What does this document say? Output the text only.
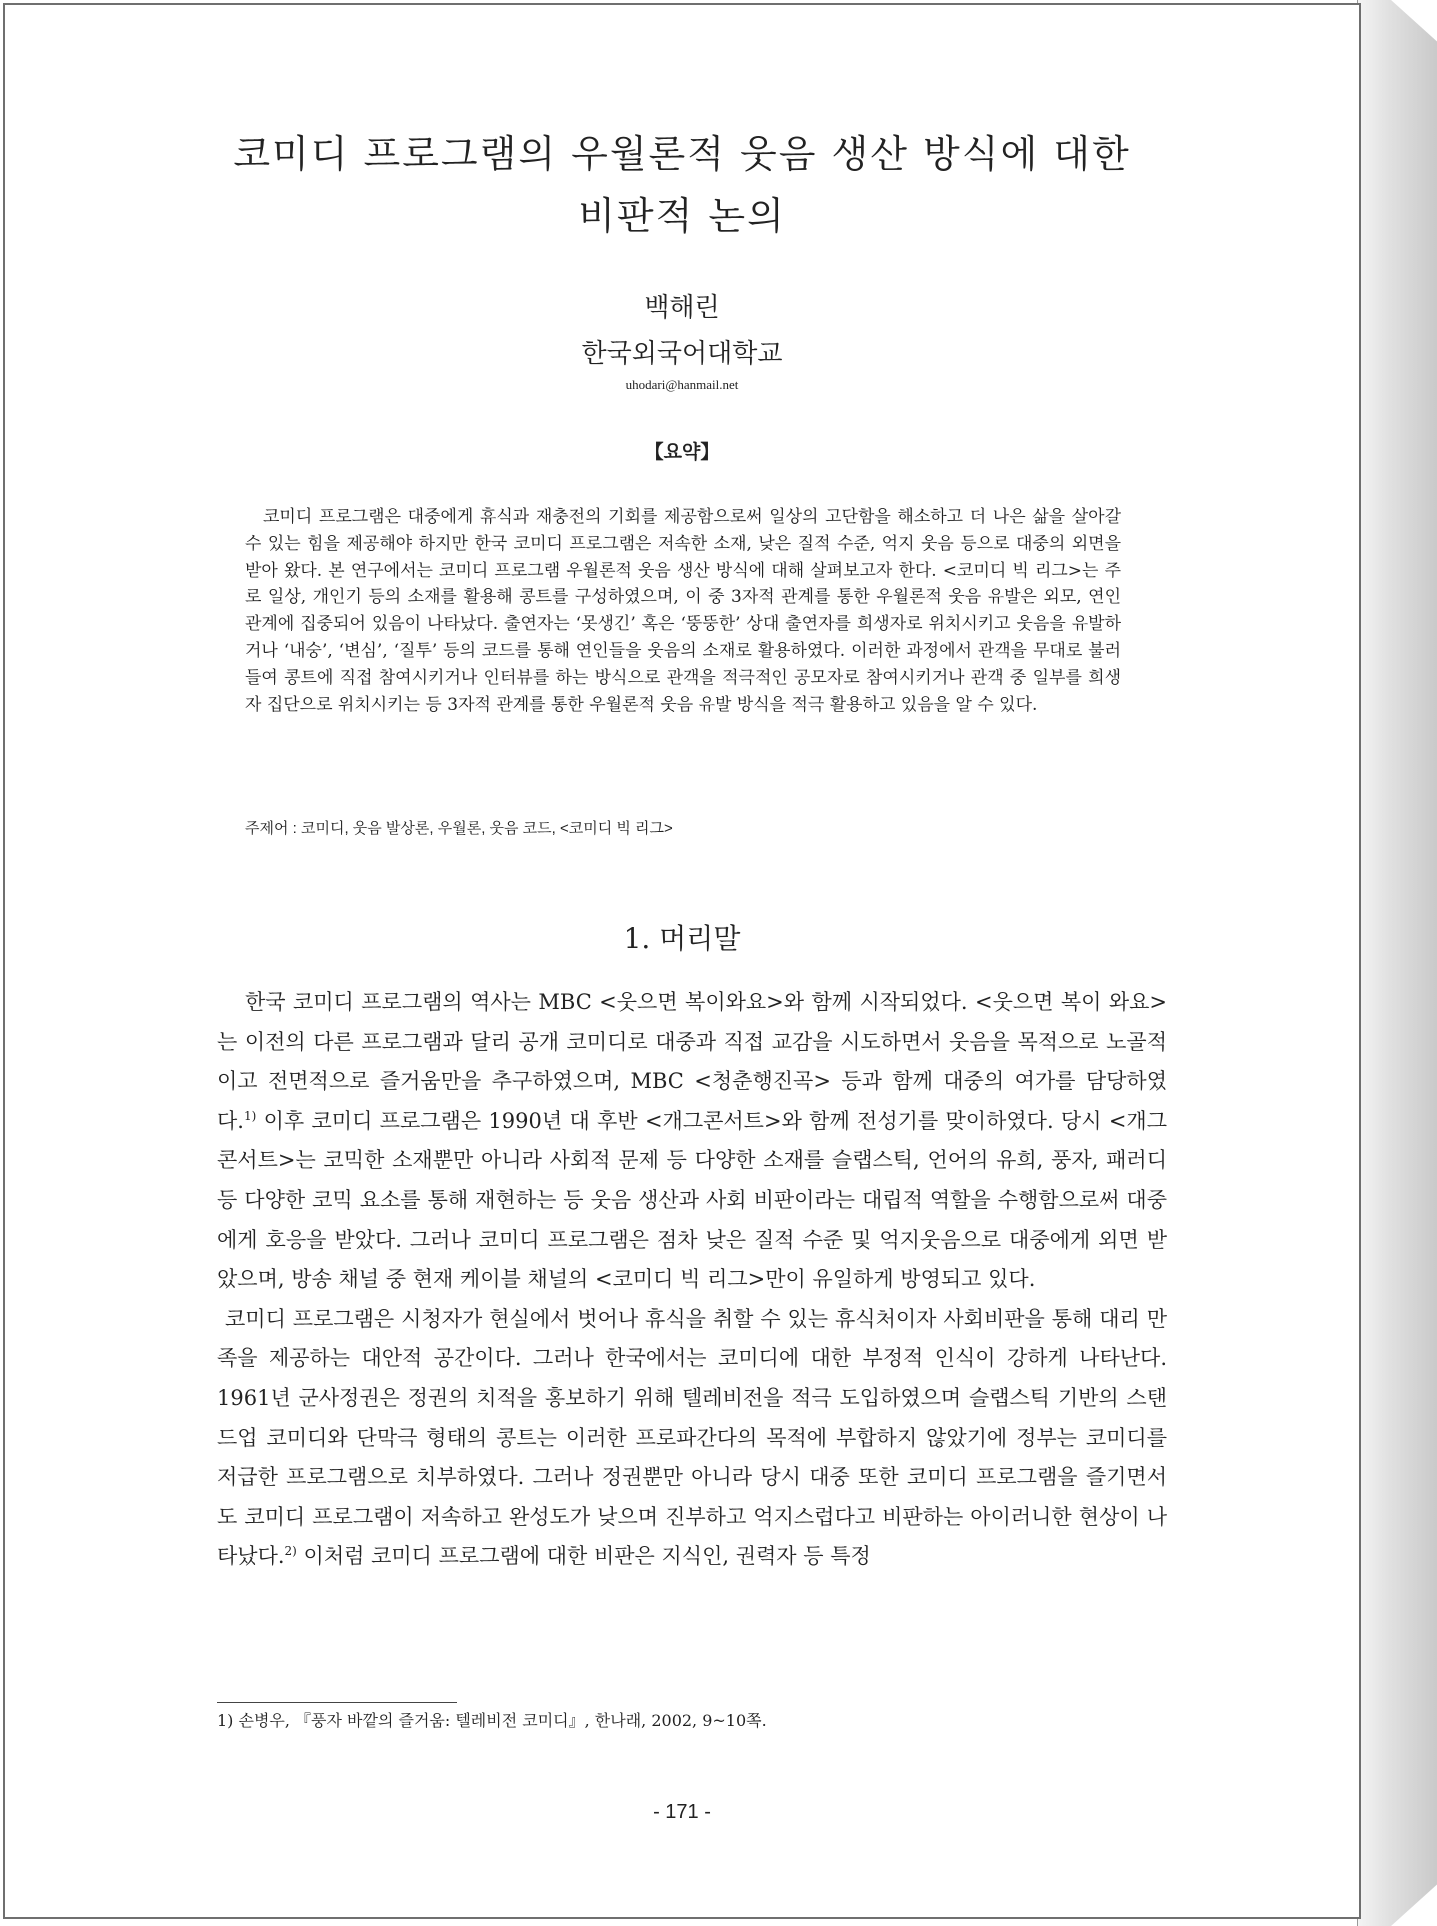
코미디 프로그램의 우월론적 웃음 생산 방식에 대한
비판적 논의
백해린
한국외국어대학교
uhodari@hanmail.net
【요약】
코미디 프로그램은 대중에게 휴식과 재충전의 기회를 제공함으로써 일상의 고단함을 해소하고 더 나은 삶을 살아갈 수 있는 힘을 제공해야 하지만 한국 코미디 프로그램은 저속한 소재, 낮은 질적 수준, 억지 웃음 등으로 대중의 외면을 받아 왔다. 본 연구에서는 코미디 프로그램 우월론적 웃음 생산 방식에 대해 살펴보고자 한다. <코미디 빅 리그>는 주로 일상, 개인기 등의 소재를 활용해 콩트를 구성하였으며, 이 중 3자적 관계를 통한 우월론적 웃음 유발은 외모, 연인 관계에 집중되어 있음이 나타났다. 출연자는 ‘못생긴’ 혹은 ‘뚱뚱한’ 상대 출연자를 희생자로 위치시키고 웃음을 유발하거나 ‘내숭’, ‘변심’, ‘질투’ 등의 코드를 통해 연인들을 웃음의 소재로 활용하였다. 이러한 과정에서 관객을 무대로 불러들여 콩트에 직접 참여시키거나 인터뷰를 하는 방식으로 관객을 적극적인 공모자로 참여시키거나 관객 중 일부를 희생자 집단으로 위치시키는 등 3자적 관계를 통한 우월론적 웃음 유발 방식을 적극 활용하고 있음을 알 수 있다.
주제어 : 코미디, 웃음 발상론, 우월론, 웃음 코드, <코미디 빅 리그>
1. 머리말

한국 코미디 프로그램의 역사는 MBC <웃으면 복이와요>와 함께 시작되었다. <웃으면 복이 와요>는 이전의 다른 프로그램과 달리 공개 코미디로 대중과 직접 교감을 시도하면서 웃음을 목적으로 노골적이고 전면적으로 즐거움만을 추구하였으며, MBC <청춘행진곡> 등과 함께 대중의 여가를 담당하였다.$^{1)}$ 이후 코미디 프로그램은 1990년 대 후반 <개그콘서트>와 함께 전성기를 맞이하였다. 당시 <개그 콘서트>는 코믹한 소재뿐만 아니라 사회적 문제 등 다양한 소재를 슬랩스틱, 언어의 유희, 풍자, 패러디 등 다양한 코믹 요소를 통해 재현하는 등 웃음 생산과 사회 비판이라는 대립적 역할을 수행함으로써 대중에게 호응을 받았다. 그러나 코미디 프로그램은 점차 낮은 질적 수준 및 억지웃음으로 대중에게 외면 받았으며, 방송 채널 중 현재 케이블 채널의 <코미디 빅 리그>만이 유일하게 방영되고 있다.

코미디 프로그램은 시청자가 현실에서 벗어나 휴식을 취할 수 있는 휴식처이자 사회비판을 통해 대리 만족을 제공하는 대안적 공간이다. 그러나 한국에서는 코미디에 대한 부정적 인식이 강하게 나타난다. 1961년 군사정권은 정권의 치적을 홍보하기 위해 텔레비전을 적극 도입하였으며 슬랩스틱 기반의 스탠드업 코미디와 단막극 형태의 콩트는 이러한 프로파간다의 목적에 부합하지 않았기에 정부는 코미디를 저급한 프로그램으로 치부하였다. 그러나 정권뿐만 아니라 당시 대중 또한 코미디 프로그램을 즐기면서도 코미디 프로그램이 저속하고 완성도가 낮으며 진부하고 억지스럽다고 비판하는 아이러니한 현상이 나타났다.$^{2)}$ 이처럼 코미디 프로그램에 대한 비판은 지식인, 권력자 등 특정

1) 손병우, 『풍자 바깥의 즐거움: 텔레비전 코미디』, 한나래, 2002, 9~10쪽.
- 171 -
